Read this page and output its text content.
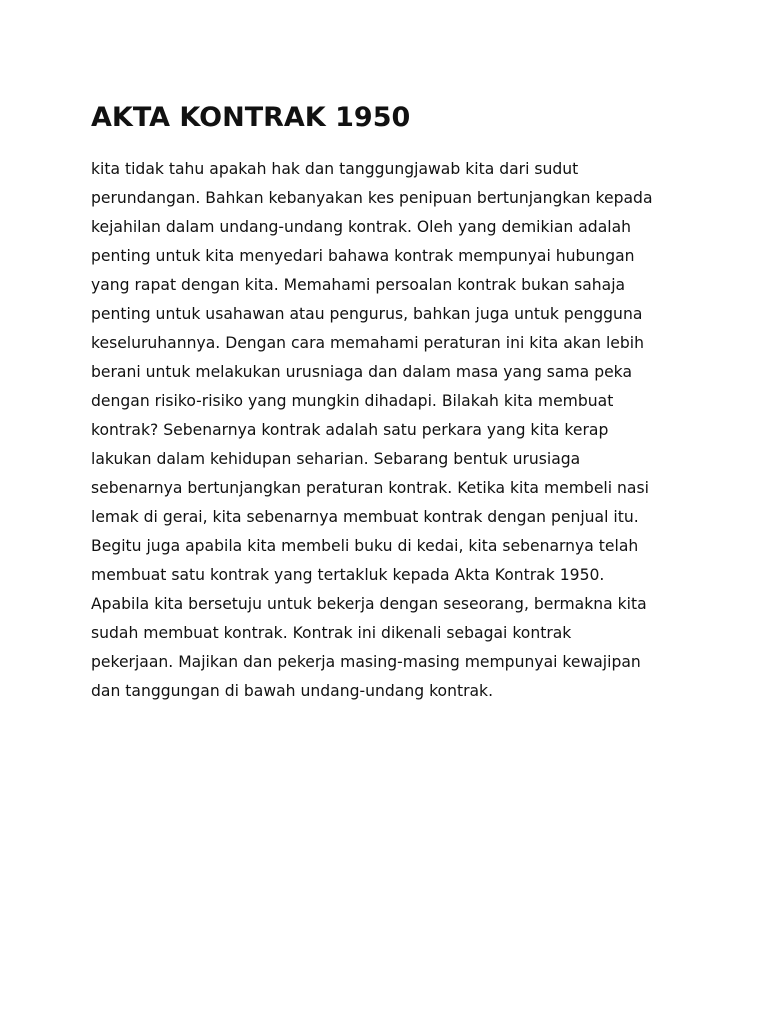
AKTA KONTRAK 1950
kita tidak tahu apakah hak dan tanggungjawab kita dari sudut
perundangan. Bahkan kebanyakan kes penipuan bertunjangkan kepada
kejahilan dalam undang-undang kontrak. Oleh yang demikian adalah
penting untuk kita menyedari bahawa kontrak mempunyai hubungan
yang rapat dengan kita. Memahami persoalan kontrak bukan sahaja
penting untuk usahawan atau pengurus, bahkan juga untuk pengguna
keseluruhannya. Dengan cara memahami peraturan ini kita akan lebih
berani untuk melakukan urusniaga dan dalam masa yang sama peka
dengan risiko-risiko yang mungkin dihadapi. Bilakah kita membuat
kontrak? Sebenarnya kontrak adalah satu perkara yang kita kerap
lakukan dalam kehidupan seharian. Sebarang bentuk urusiaga
sebenarnya bertunjangkan peraturan kontrak. Ketika kita membeli nasi
lemak di gerai, kita sebenarnya membuat kontrak dengan penjual itu.
Begitu juga apabila kita membeli buku di kedai, kita sebenarnya telah
membuat satu kontrak yang tertakluk kepada Akta Kontrak 1950.
Apabila kita bersetuju untuk bekerja dengan seseorang, bermakna kita
sudah membuat kontrak. Kontrak ini dikenali sebagai kontrak
pekerjaan. Majikan dan pekerja masing-masing mempunyai kewajipan
dan tanggungan di bawah undang-undang kontrak.
